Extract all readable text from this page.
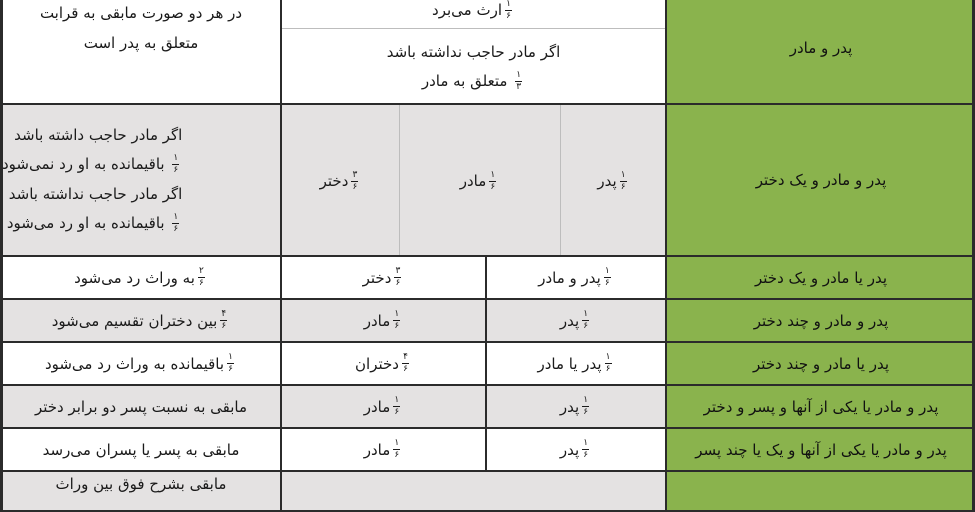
پدر و مادر
$\frac{۱}{۶}$
ارث می‌برد
اگر مادر حاجب نداشته باشد
$\frac{۱}{۳}$
متعلق به مادر
در هر دو صورت مابقی به قرابت
متعلق به پدر است
پدر و مادر و یک دختر
$\frac{۱}{۶}$
پدر
$\frac{۱}{۶}$
مادر
$\frac{۳}{۶}$
دختر
اگر مادر حاجب داشته باشد
$\frac{۱}{۶}$
باقیمانده به او رد نمی‌شود
اگر مادر حاجب نداشته باشد
$\frac{۱}{۶}$
باقیمانده به او رد می‌شود
پدر یا مادر و یک دختر
$\frac{۱}{۶}$
پدر و مادر
$\frac{۳}{۶}$
دختر
$\frac{۲}{۶}$
به وراث رد می‌شود
پدر و مادر و چند دختر
$\frac{۱}{۶}$
پدر
$\frac{۱}{۶}$
مادر
$\frac{۴}{۶}$
بین دختران تقسیم می‌شود
پدر یا مادر و چند دختر
$\frac{۱}{۶}$
پدر یا مادر
$\frac{۴}{۶}$
دختران
$\frac{۱}{۶}$
باقیمانده به وراث رد می‌شود
پدر و مادر یا یکی از آنها و پسر و دختر
$\frac{۱}{۶}$
پدر
$\frac{۱}{۶}$
مادر
مابقی به نسبت پسر دو برابر دختر
پدر و مادر یا یکی از آنها و یک یا چند پسر
$\frac{۱}{۶}$
پدر
$\frac{۱}{۶}$
مادر
مابقی به پسر یا پسران می‌رسد
مابقی بشرح فوق بین وراث
